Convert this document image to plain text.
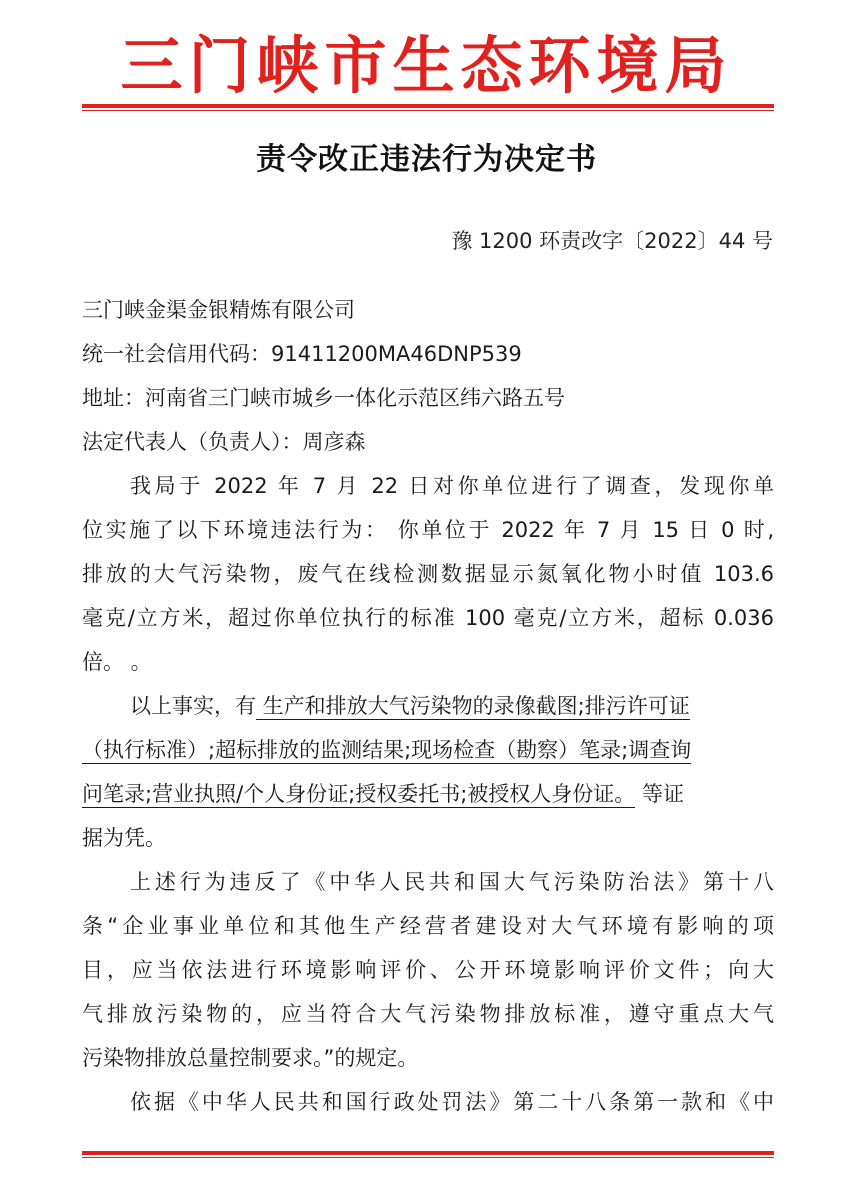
三门峡市生态环境局
责令改正违法行为决定书
豫 1200 环责改字〔2022〕44 号
三门峡金渠金银精炼有限公司
统一社会信用代码：91411200MA46DNP539
地址：河南省三门峡市城乡一体化示范区纬六路五号
法定代表人（负责人）：周彦森
我局于 2022 年 7 月 22 日对你单位进行了调查，发现你单
位实施了以下环境违法行为： 你单位于 2022 年 7 月 15 日 0 时,
排放的大气污染物，废气在线检测数据显示氮氧化物小时值 103.6
毫克/立方米，超过你单位执行的标准 100 毫克/立方米，超标 0.036
倍。 。
以上事实，有 生产和排放大气污染物的录像截图;排污许可证
（执行标准）;超标排放的监测结果;现场检查（勘察）笔录;调查询
问笔录;营业执照/个人身份证;授权委托书;被授权人身份证。 等证
据为凭。
上述行为违反了《中华人民共和国大气污染防治法》第十八
条“企业事业单位和其他生产经营者建设对大气环境有影响的项
目，应当依法进行环境影响评价、公开环境影响评价文件；向大
气排放污染物的，应当符合大气污染物排放标准，遵守重点大气
污染物排放总量控制要求。”的规定。
依据《中华人民共和国行政处罚法》第二十八条第一款和《中
